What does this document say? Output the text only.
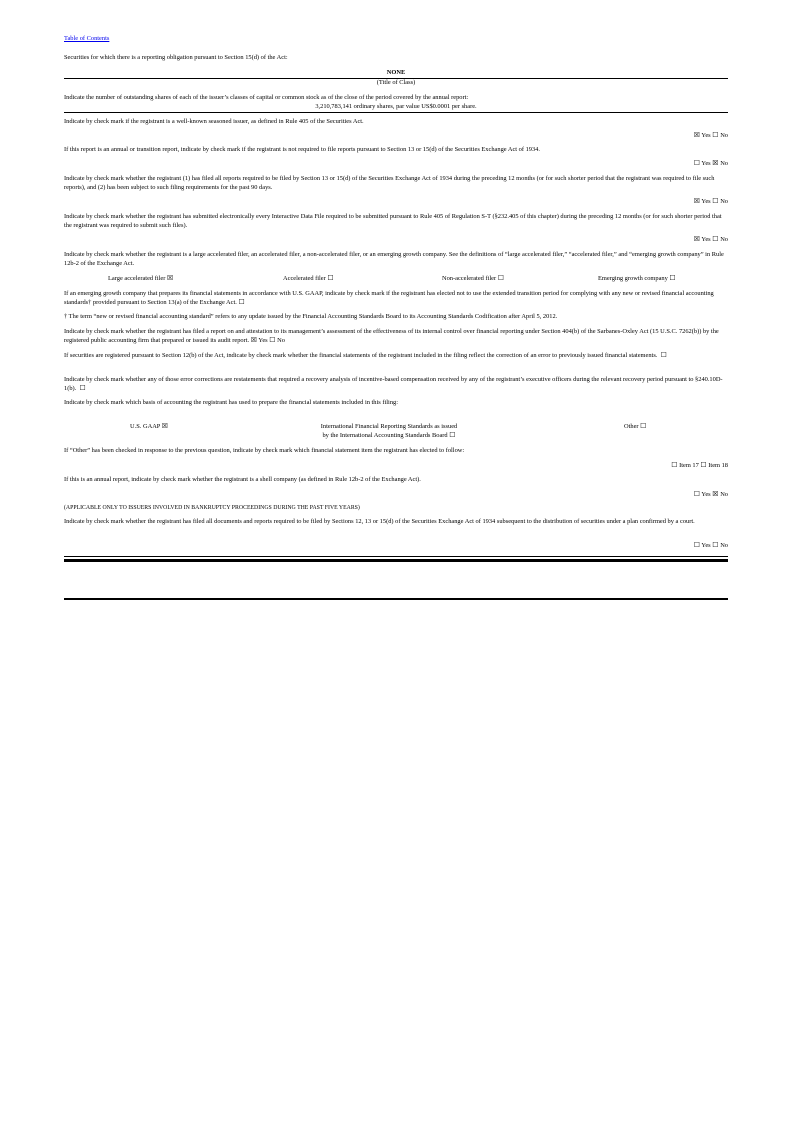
Table of Contents
Securities for which there is a reporting obligation pursuant to Section 15(d) of the Act:
NONE
(Title of Class)
Indicate the number of outstanding shares of each of the issuer’s classes of capital or common stock as of the close of the period covered by the annual report:
3,210,783,141 ordinary shares, par value US$0.0001 per share.
Indicate by check mark if the registrant is a well-known seasoned issuer, as defined in Rule 405 of the Securities Act.
☒ Yes ☐ No
If this report is an annual or transition report, indicate by check mark if the registrant is not required to file reports pursuant to Section 13 or 15(d) of the Securities Exchange Act of 1934.
☐ Yes ☒ No
Indicate by check mark whether the registrant (1) has filed all reports required to be filed by Section 13 or 15(d) of the Securities Exchange Act of 1934 during the preceding 12 months (or for such shorter period that the registrant was required to file such reports), and (2) has been subject to such filing requirements for the past 90 days.
☒ Yes ☐ No
Indicate by check mark whether the registrant has submitted electronically every Interactive Data File required to be submitted pursuant to Rule 405 of Regulation S-T (§232.405 of this chapter) during the preceding 12 months (or for such shorter period that the registrant was required to submit such files).
☒ Yes ☐ No
Indicate by check mark whether the registrant is a large accelerated filer, an accelerated filer, a non-accelerated filer, or an emerging growth company. See the definitions of “large accelerated filer,” “accelerated filer,” and “emerging growth company” in Rule 12b-2 of the Exchange Act.
Large accelerated filer ☒	Accelerated filer ☐	Non-accelerated filer ☐	Emerging growth company ☐
If an emerging growth company that prepares its financial statements in accordance with U.S. GAAP, indicate by check mark if the registrant has elected not to use the extended transition period for complying with any new or revised financial accounting standards† provided pursuant to Section 13(a) of the Exchange Act. ☐
† The term “new or revised financial accounting standard” refers to any update issued by the Financial Accounting Standards Board to its Accounting Standards Codification after April 5, 2012.
Indicate by check mark whether the registrant has filed a report on and attestation to its management’s assessment of the effectiveness of its internal control over financial reporting under Section 404(b) of the Sarbanes-Oxley Act (15 U.S.C. 7262(b)) by the registered public accounting firm that prepared or issued its audit report. ☒ Yes ☐ No
If securities are registered pursuant to Section 12(b) of the Act, indicate by check mark whether the financial statements of the registrant included in the filing reflect the correction of an error to previously issued financial statements. ☐
Indicate by check mark whether any of those error corrections are restatements that required a recovery analysis of incentive-based compensation received by any of the registrant’s executive officers during the relevant recovery period pursuant to §240.10D-1(b). ☐
Indicate by check mark which basis of accounting the registrant has used to prepare the financial statements included in this filing:
U.S. GAAP ☒	International Financial Reporting Standards as issued
by the International Accounting Standards Board ☐
Other ☐
If “Other” has been checked in response to the previous question, indicate by check mark which financial statement item the registrant has elected to follow:
☐ Item 17 ☐ Item 18
If this is an annual report, indicate by check mark whether the registrant is a shell company (as defined in Rule 12b-2 of the Exchange Act).
☐ Yes ☒ No
(APPLICABLE ONLY TO ISSUERS INVOLVED IN BANKRUPTCY PROCEEDINGS DURING THE PAST FIVE YEARS)
Indicate by check mark whether the registrant has filed all documents and reports required to be filed by Sections 12, 13 or 15(d) of the Securities Exchange Act of 1934 subsequent to the distribution of securities under a plan confirmed by a court.
☐ Yes ☐ No
